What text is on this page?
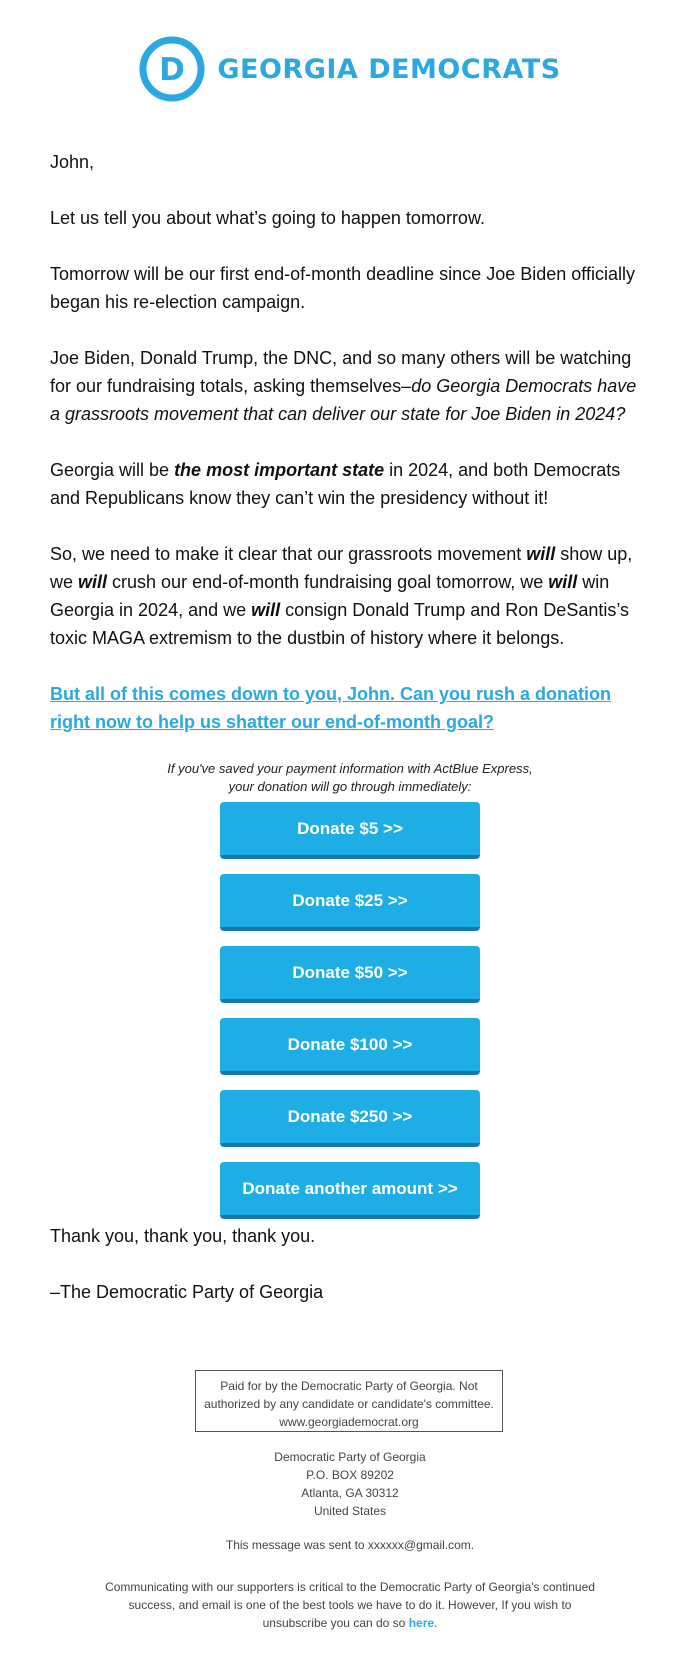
D GEORGIA DEMOCRATS

John,

Let us tell you about what’s going to happen tomorrow.

Tomorrow will be our first end-of-month deadline since Joe Biden officially began his re-election campaign.

Joe Biden, Donald Trump, the DNC, and so many others will be watching for our fundraising totals, asking themselves–do Georgia Democrats have a grassroots movement that can deliver our state for Joe Biden in 2024?

Georgia will be the most important state in 2024, and both Democrats and Republicans know they can’t win the presidency without it!

So, we need to make it clear that our grassroots movement will show up, we will crush our end-of-month fundraising goal tomorrow, we will win Georgia in 2024, and we will consign Donald Trump and Ron DeSantis’s toxic MAGA extremism to the dustbin of history where it belongs.

But all of this comes down to you, John. Can you rush a donation right now to help us shatter our end-of-month goal?
If you've saved your payment information with ActBlue Express,
your donation will go through immediately:
Donate $5 >>
Donate $25 >>
Donate $50 >>
Donate $100 >>
Donate $250 >>
Donate another amount >>

Thank you, thank you, thank you.

–The Democratic Party of Georgia

Paid for by the Democratic Party of Georgia. Not
authorized by any candidate or candidate's committee.
www.georgiademocrat.org
Democratic Party of Georgia
P.O. BOX 89202
Atlanta, GA 30312
United States
This message was sent to xxxxxx@gmail.com.
Communicating with our supporters is critical to the Democratic Party of Georgia's continued
success, and email is one of the best tools we have to do it. However, If you wish to
unsubscribe you can do so here.
